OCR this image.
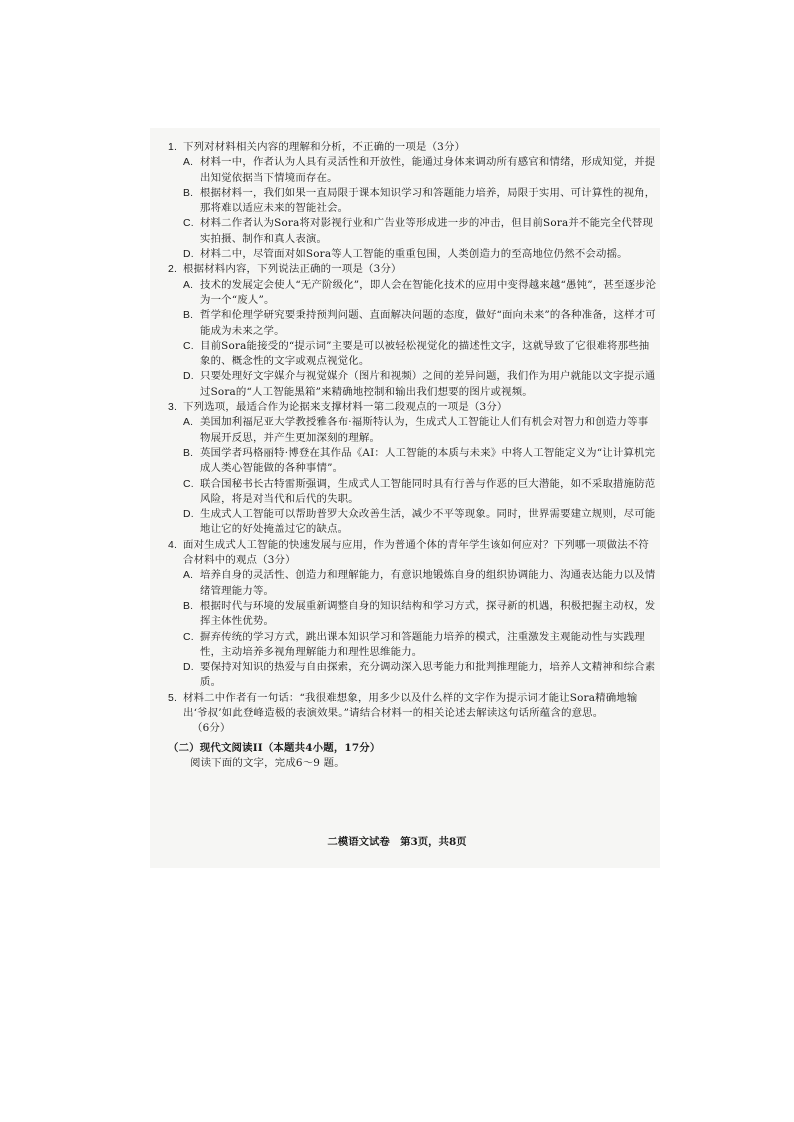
1. 下列对材料相关内容的理解和分析，不正确的一项是（3分）
A. 材料一中，作者认为人具有灵活性和开放性，能通过身体来调动所有感官和情绪，形成知觉，并提出知觉依据当下情境而存在。
B. 根据材料一，我们如果一直局限于课本知识学习和答题能力培养，局限于实用、可计算性的视角，那将难以适应未来的智能社会。
C. 材料二作者认为Sora将对影视行业和广告业等形成进一步的冲击，但目前Sora并不能完全代替现实拍摄、制作和真人表演。
D. 材料二中，尽管面对如Sora等人工智能的重重包围，人类创造力的至高地位仍然不会动摇。
2. 根据材料内容，下列说法正确的一项是（3分）
A. 技术的发展定会使人“无产阶级化”，即人会在智能化技术的应用中变得越来越“愚钝”，甚至逐步沦为一个“废人”。
B. 哲学和伦理学研究要秉持预判问题、直面解决问题的态度，做好“面向未来”的各种准备，这样才可能成为未来之学。
C. 目前Sora能接受的“提示词”主要是可以被轻松视觉化的描述性文字，这就导致了它很难将那些抽象的、概念性的文字或观点视觉化。
D. 只要处理好文字媒介与视觉媒介（图片和视频）之间的差异问题，我们作为用户就能以文字提示通过Sora的“人工智能黑箱”来精确地控制和输出我们想要的图片或视频。
3. 下列选项，最适合作为论据来支撑材料一第二段观点的一项是（3分）
A. 美国加利福尼亚大学教授雅各布·福斯特认为，生成式人工智能让人们有机会对智力和创造力等事物展开反思，并产生更加深刻的理解。
B. 英国学者玛格丽特·博登在其作品《AI：人工智能的本质与未来》中将人工智能定义为“让计算机完成人类心智能做的各种事情”。
C. 联合国秘书长古特雷斯强调，生成式人工智能同时具有行善与作恶的巨大潜能，如不采取措施防范风险，将是对当代和后代的失职。
D. 生成式人工智能可以帮助普罗大众改善生活，减少不平等现象。同时，世界需要建立规则，尽可能地让它的好处掩盖过它的缺点。
4. 面对生成式人工智能的快速发展与应用，作为普通个体的青年学生该如何应对？下列哪一项做法不符合材料中的观点（3分）
A. 培养自身的灵活性、创造力和理解能力，有意识地锻炼自身的组织协调能力、沟通表达能力以及情绪管理能力等。
B. 根据时代与环境的发展重新调整自身的知识结构和学习方式，探寻新的机遇，积极把握主动权，发挥主体性优势。
C. 摒弃传统的学习方式，跳出课本知识学习和答题能力培养的模式，注重激发主观能动性与实践理性，主动培养多视角理解能力和理性思维能力。
D. 要保持对知识的热爱与自由探索，充分调动深入思考能力和批判推理能力，培养人文精神和综合素质。
5. 材料二中作者有一句话：“我很难想象，用多少以及什么样的文字作为提示词才能让Sora精确地输出‘爷叔’如此登峰造极的表演效果。”请结合材料一的相关论述去解读这句话所蕴含的意思。
（6分）
（二）现代文阅读II（本题共4小题，17分）
阅读下面的文字，完成6～9 题。
二模语文试卷　第3页，共8页
